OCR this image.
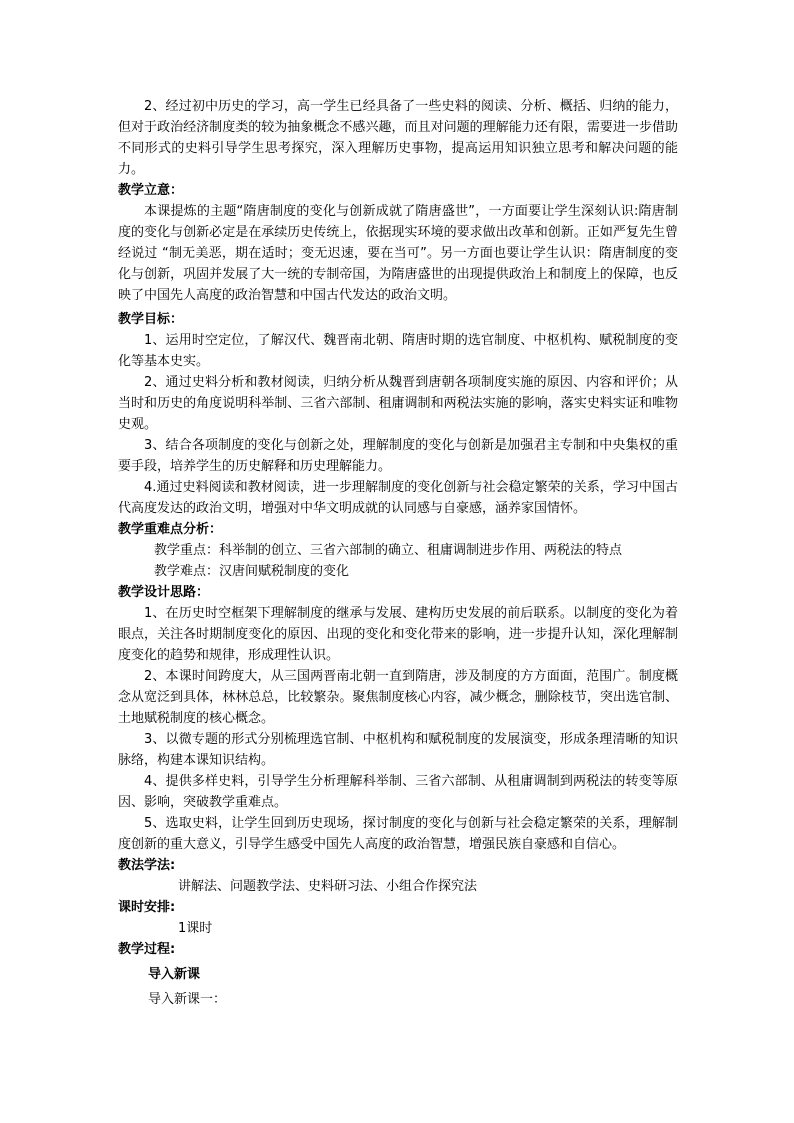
2、经过初中历史的学习，高一学生已经具备了一些史料的阅读、分析、概括、归纳的能力，但对于政治经济制度类的较为抽象概念不感兴趣，而且对问题的理解能力还有限，需要进一步借助不同形式的史料引导学生思考探究，深入理解历史事物，提高运用知识独立思考和解决问题的能力。

教学立意：

本课提炼的主题“隋唐制度的变化与创新成就了隋唐盛世”，一方面要让学生深刻认识:隋唐制度的变化与创新必定是在承续历史传统上，依据现实环境的要求做出改革和创新。正如严复先生曾经说过 “制无美恶，期在适时；变无迟速，要在当可”。另一方面也要让学生认识：隋唐制度的变化与创新，巩固并发展了大一统的专制帝国，为隋唐盛世的出现提供政治上和制度上的保障，也反映了中国先人高度的政治智慧和中国古代发达的政治文明。

教学目标：

1、运用时空定位，了解汉代、魏晋南北朝、隋唐时期的选官制度、中枢机构、赋税制度的变化等基本史实。

2、通过史料分析和教材阅读，归纳分析从魏晋到唐朝各项制度实施的原因、内容和评价；从当时和历史的角度说明科举制、三省六部制、租庸调制和两税法实施的影响，落实史料实证和唯物史观。

3、结合各项制度的变化与创新之处，理解制度的变化与创新是加强君主专制和中央集权的重要手段，培养学生的历史解释和历史理解能力。

4.通过史料阅读和教材阅读，进一步理解制度的变化创新与社会稳定繁荣的关系，学习中国古代高度发达的政治文明，增强对中华文明成就的认同感与自豪感，涵养家国情怀。

教学重难点分析：

教学重点：科举制的创立、三省六部制的确立、租庸调制进步作用、两税法的特点

教学难点：汉唐间赋税制度的变化

教学设计思路：

1、在历史时空框架下理解制度的继承与发展、建构历史发展的前后联系。以制度的变化为着眼点，关注各时期制度变化的原因、出现的变化和变化带来的影响，进一步提升认知，深化理解制度变化的趋势和规律，形成理性认识。

2、本课时间跨度大，从三国两晋南北朝一直到隋唐，涉及制度的方方面面，范围广。制度概念从宽泛到具体，林林总总，比较繁杂。聚焦制度核心内容，减少概念，删除枝节，突出选官制、土地赋税制度的核心概念。

3、以微专题的形式分别梳理选官制、中枢机构和赋税制度的发展演变，形成条理清晰的知识脉络，构建本课知识结构。

4、提供多样史料，引导学生分析理解科举制、三省六部制、从租庸调制到两税法的转变等原因、影响，突破教学重难点。

5、选取史料，让学生回到历史现场，探讨制度的变化与创新与社会稳定繁荣的关系，理解制度创新的重大意义，引导学生感受中国先人高度的政治智慧，增强民族自豪感和自信心。

教法学法:

讲解法、问题教学法、史料研习法、小组合作探究法

课时安排:

1课时

教学过程:

导入新课

导入新课一：
